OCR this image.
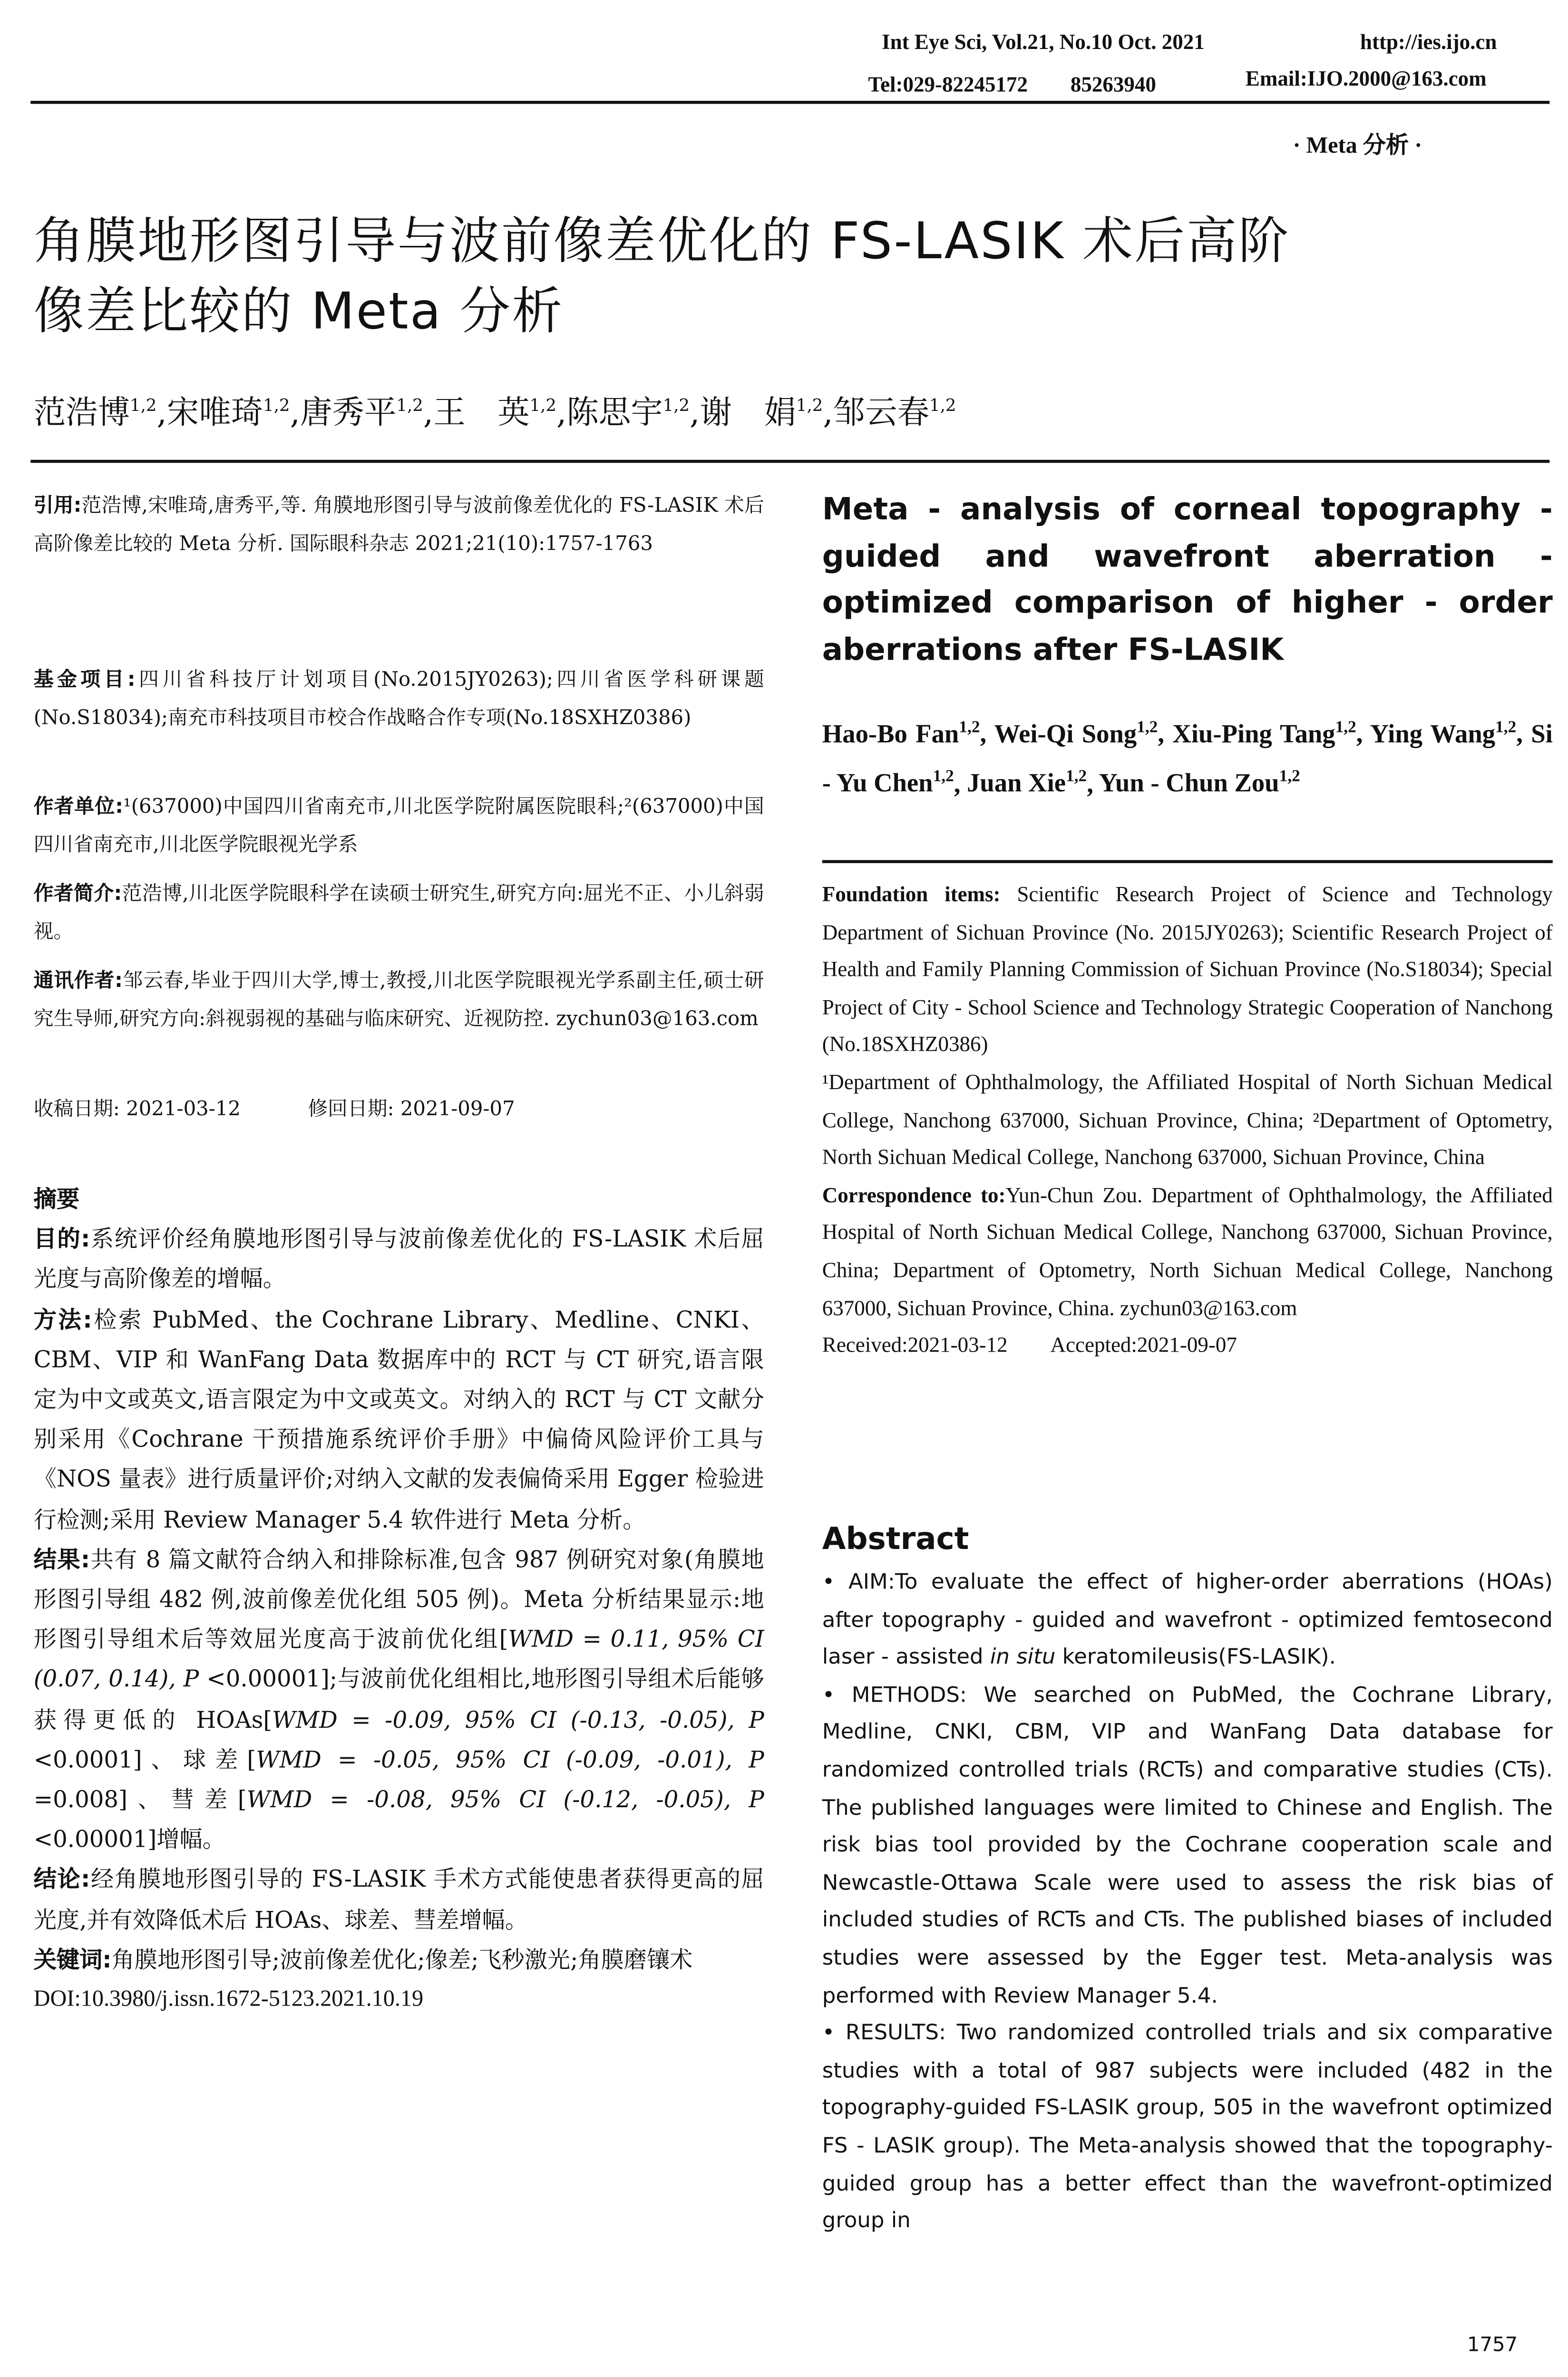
Int Eye Sci, Vol.21, No.10 Oct. 2021	http://ies.ijo.cn
Tel:029-82245172　　85263940	Email:IJO.2000@163.com
· Meta 分析 ·
角膜地形图引导与波前像差优化的 FS-LASIK 术后高阶
像差比较的 Meta 分析
范浩博$^{1,2}$,宋唯琦$^{1,2}$,唐秀平$^{1,2}$,王　英$^{1,2}$,陈思宇$^{1,2}$,谢　娟$^{1,2}$,邹云春$^{1,2}$

引用:范浩博,宋唯琦,唐秀平,等. 角膜地形图引导与波前像差优化的 FS-LASIK 术后高阶像差比较的 Meta 分析. 国际眼科杂志 2021;21(10):1757-1763

基金项目:四川省科技厅计划项目(No.2015JY0263);四川省医学科研课题(No.S18034);南充市科技项目市校合作战略合作专项(No.18SXHZ0386)

作者单位:¹(637000)中国四川省南充市,川北医学院附属医院眼科;²(637000)中国四川省南充市,川北医学院眼视光学系

作者简介:范浩博,川北医学院眼科学在读硕士研究生,研究方向:屈光不正、小儿斜弱视。

通讯作者:邹云春,毕业于四川大学,博士,教授,川北医学院眼视光学系副主任,硕士研究生导师,研究方向:斜视弱视的基础与临床研究、近视防控. zychun03@163.com

收稿日期: 2021-03-12	修回日期: 2021-09-07

摘要

目的:系统评价经角膜地形图引导与波前像差优化的 FS-LASIK 术后屈光度与高阶像差的增幅。

方法:检索 PubMed、the Cochrane Library、Medline、CNKI、CBM、VIP 和 WanFang Data 数据库中的 RCT 与 CT 研究,语言限定为中文或英文,语言限定为中文或英文。对纳入的 RCT 与 CT 文献分别采用《Cochrane 干预措施系统评价手册》中偏倚风险评价工具与《NOS 量表》进行质量评价;对纳入文献的发表偏倚采用 Egger 检验进行检测;采用 Review Manager 5.4 软件进行 Meta 分析。

结果:共有 8 篇文献符合纳入和排除标准,包含 987 例研究对象(角膜地形图引导组 482 例,波前像差优化组 505 例)。Meta 分析结果显示:地形图引导组术后等效屈光度高于波前优化组[WMD = 0.11, 95% CI (0.07, 0.14), P <0.00001];与波前优化组相比,地形图引导组术后能够获得更低的 HOAs[WMD = -0.09, 95% CI (-0.13, -0.05), P <0.0001]、球差[WMD = -0.05, 95% CI (-0.09, -0.01), P =0.008]、彗差[WMD = -0.08, 95% CI (-0.12, -0.05), P <0.00001]增幅。

结论:经角膜地形图引导的 FS-LASIK 手术方式能使患者获得更高的屈光度,并有效降低术后 HOAs、球差、彗差增幅。

关键词:角膜地形图引导;波前像差优化;像差;飞秒激光;角膜磨镶术

DOI:10.3980/j.issn.1672-5123.2021.10.19

Meta - analysis of corneal topography - guided and wavefront aberration - optimized comparison of higher - order aberrations after FS-LASIK
Hao-Bo Fan$^{1,2}$, Wei-Qi Song$^{1,2}$, Xiu-Ping Tang$^{1,2}$, Ying Wang$^{1,2}$, Si - Yu Chen$^{1,2}$, Juan Xie$^{1,2}$, Yun - Chun Zou$^{1,2}$

Foundation items: Scientific Research Project of Science and Technology Department of Sichuan Province (No. 2015JY0263); Scientific Research Project of Health and Family Planning Commission of Sichuan Province (No.S18034); Special Project of City - School Science and Technology Strategic Cooperation of Nanchong (No.18SXHZ0386)

¹Department of Ophthalmology, the Affiliated Hospital of North Sichuan Medical College, Nanchong 637000, Sichuan Province, China; ²Department of Optometry, North Sichuan Medical College, Nanchong 637000, Sichuan Province, China

Correspondence to:Yun-Chun Zou. Department of Ophthalmology, the Affiliated Hospital of North Sichuan Medical College, Nanchong 637000, Sichuan Province, China; Department of Optometry, North Sichuan Medical College, Nanchong 637000, Sichuan Province, China. zychun03@163.com

Received:2021-03-12　　Accepted:2021-09-07

Abstract

• AIM:To evaluate the effect of higher-order aberrations (HOAs) after topography - guided and wavefront - optimized femtosecond laser - assisted in situ keratomileusis(FS-LASIK).

• METHODS:	We searched on PubMed, the Cochrane Library, Medline, CNKI, CBM, VIP and WanFang Data database for randomized controlled trials (RCTs) and comparative studies (CTs). The published languages were limited to Chinese and English. The risk bias tool provided by the Cochrane cooperation scale and Newcastle-Ottawa Scale were used to assess the risk bias of included studies of RCTs and CTs. The published biases of included studies were assessed by the Egger test. Meta-analysis was performed with Review Manager 5.4.

• RESULTS: Two randomized controlled trials and six comparative studies with a total of 987 subjects were included (482 in the topography-guided FS-LASIK group, 505 in the wavefront optimized FS - LASIK group). The Meta-analysis showed that the topography-guided group has a better effect than the wavefront-optimized group in

1757
